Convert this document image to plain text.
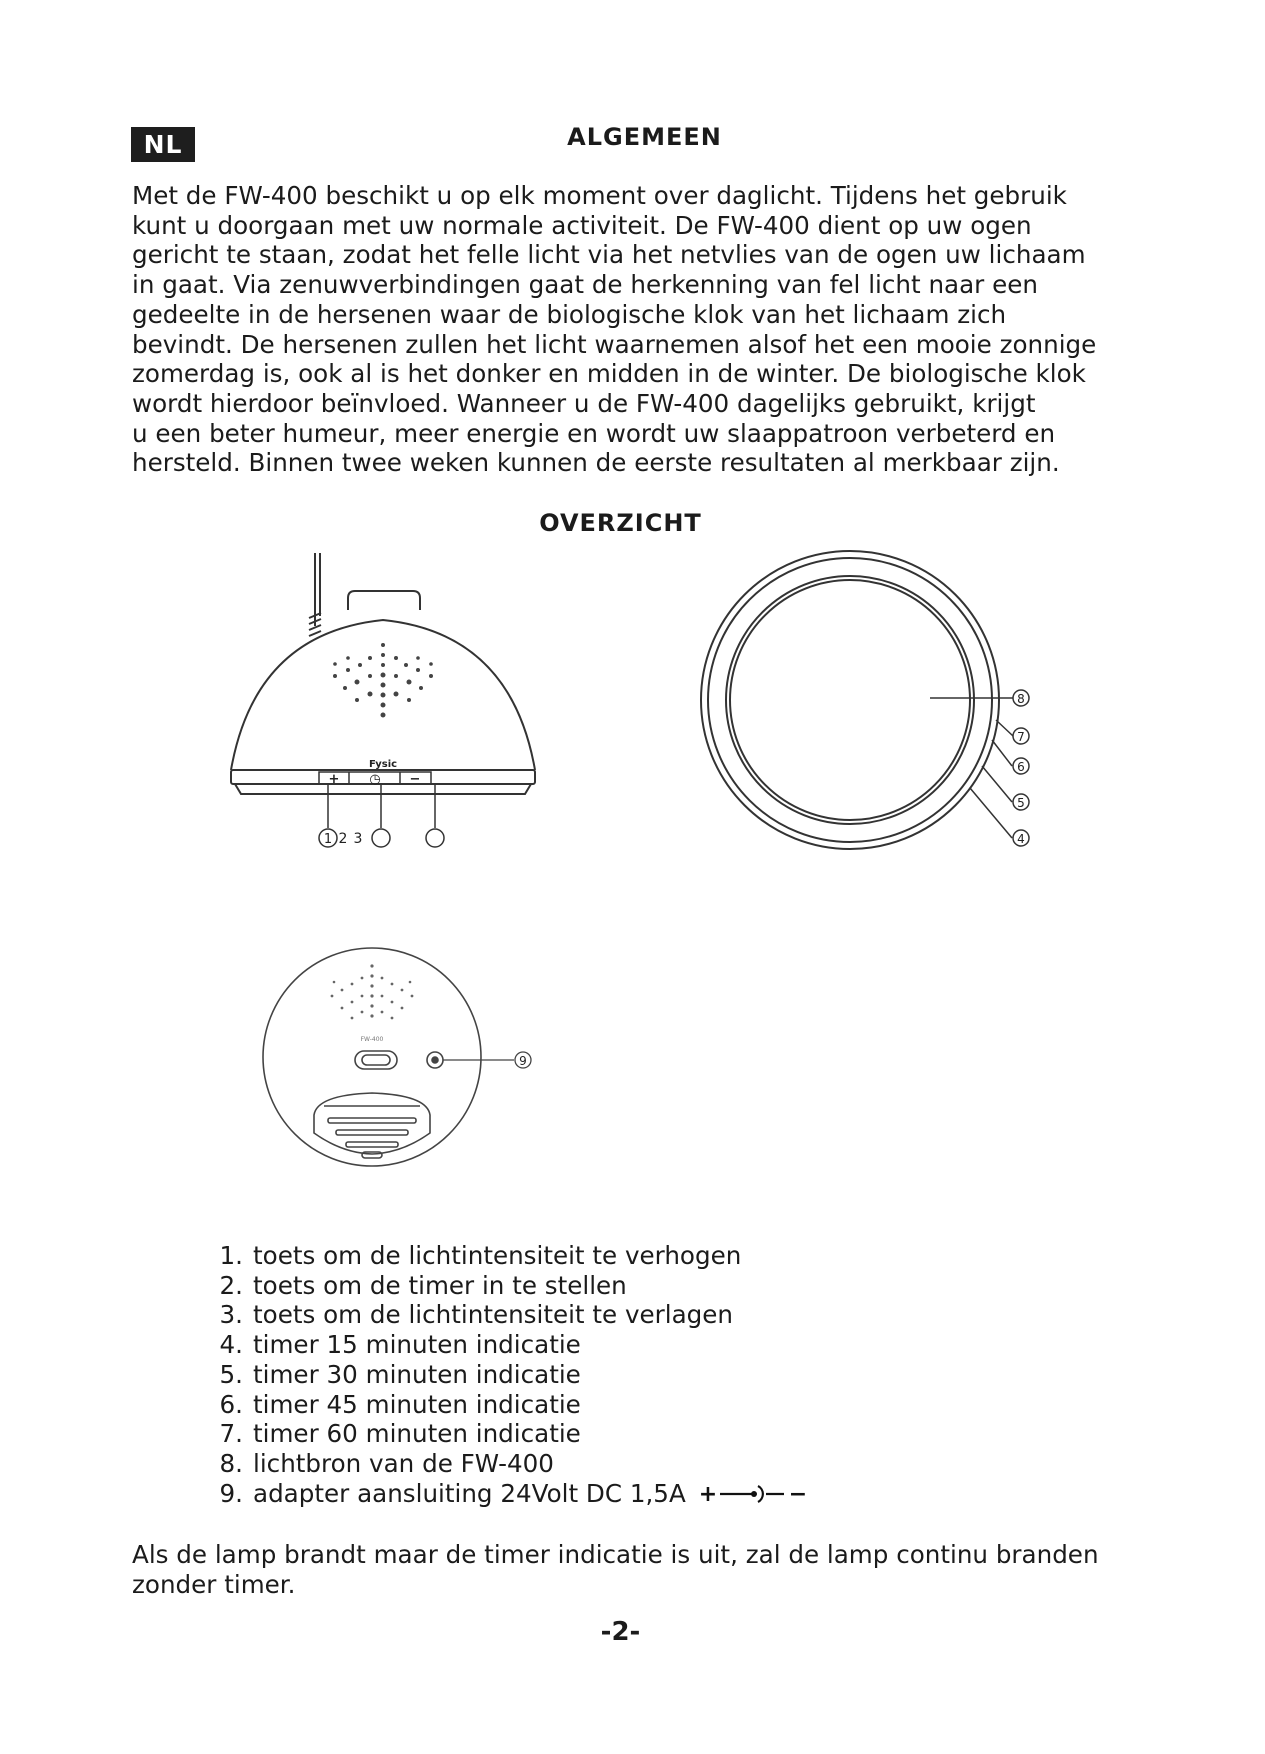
NL	ALGEMEEN

Met de FW-400 beschikt u op elk moment over daglicht. Tijdens het gebruik
kunt u doorgaan met uw normale activiteit. De FW-400 dient op uw ogen
gericht te staan, zodat het felle licht via het netvlies van de ogen uw lichaam
in gaat. Via zenuwverbindingen gaat de herkenning van fel licht naar een
gedeelte in de hersenen waar de biologische klok van het lichaam zich
bevindt. De hersenen zullen het licht waarnemen alsof het een mooie zonnige
zomerdag is, ook al is het donker en midden in de winter. De biologische klok
wordt hierdoor beïnvloed. Wanneer u de FW-400 dagelijks gebruikt, krijgt
u een beter humeur, meer energie en wordt uw slaappatroon verbeterd en
hersteld. Binnen twee weken kunnen de eerste resultaten al merkbaar zijn.

OVERZICHT
Fysic
+ ◷ −
1 2 3
8
7
6
5
4
FW-400
9
1. toets om de lichtintensiteit te verhogen
2. toets om de timer in te stellen
3. toets om de lichtintensiteit te verlagen
4. timer 15 minuten indicatie
5. timer 30 minuten indicatie
6. timer 45 minuten indicatie
7. timer 60 minuten indicatie
8. lichtbron van de FW-400
9. adapter aansluiting 24Volt DC 1,5A +	−

Als de lamp brandt maar de timer indicatie is uit, zal de lamp continu branden
zonder timer.

-2-
